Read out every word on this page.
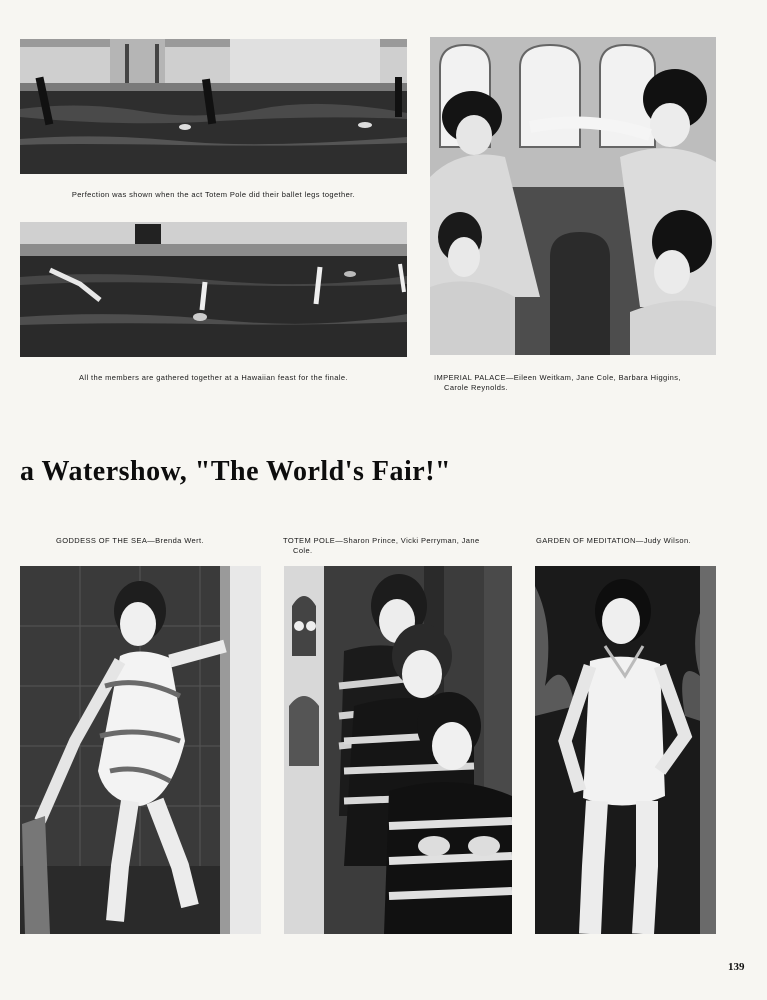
Perfection was shown when the act Totem Pole did their ballet legs together.
All the members are gathered together at a Hawaiian feast for the finale.	IMPERIAL PALACE—Eileen Weitkam, Jane Cole, Barbara Higgins,
Carole Reynolds.
a Watershow, "The World's Fair!"
GODDESS OF THE SEA—Brenda Wert.	TOTEM POLE—Sharon Prince, Vicki Perryman, Jane
Cole.
GARDEN OF MEDITATION—Judy Wilson.
139
